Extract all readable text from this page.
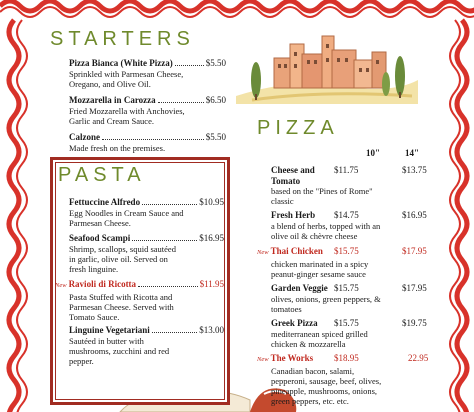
STARTERS
Pizza Bianca (White Pizza)	$5.50
Sprinkled with Parmesan Cheese,
Oregano, and Olive Oil.
Mozzarella in Carozza	$6.50
Fried Mozzarella with Anchovies,
Garlic and Cream Sauce.
Calzone	$5.50
Made fresh on the premises.
PASTA
Fettuccine Alfredo	$10.95
Egg Noodles in Cream Sauce and
Parmesan Cheese.
Seafood Scampi	$16.95
Shrimp, scallops, squid sautéed
in garlic, olive oil. Served on
fresh linguine.
New Ravioli di Ricotta	$11.95
Pasta Stuffed with Ricotta and
Parmesan Cheese. Served with
Tomato Sauce.
Linguine Vegetariani	$13.00
Sautéed in butter with
mushrooms, zucchini and red
pepper.
PIZZA
10"	14"
Cheese and
Tomato
based on the "Pines of Rome"
classic
$11.75	$13.75
Fresh Herb
a blend of herbs, topped with an
olive oil & chèvre cheese
$14.75	$16.95
New Thai Chicken
chicken marinated in a spicy
peanut-ginger sesame sauce
$15.75	$17.95
Garden Veggie
olives, onions, green peppers, &
tomatoes
$15.75	$17.95
Greek Pizza
mediterranean spiced grilled
chicken & mozzarella
$15.75	$19.75
New The Works
Canadian bacon, salami,
pepperoni, sausage, beef, olives,
pineapple, mushrooms, onions,
green peppers, etc. etc.
$18.95	22.95
